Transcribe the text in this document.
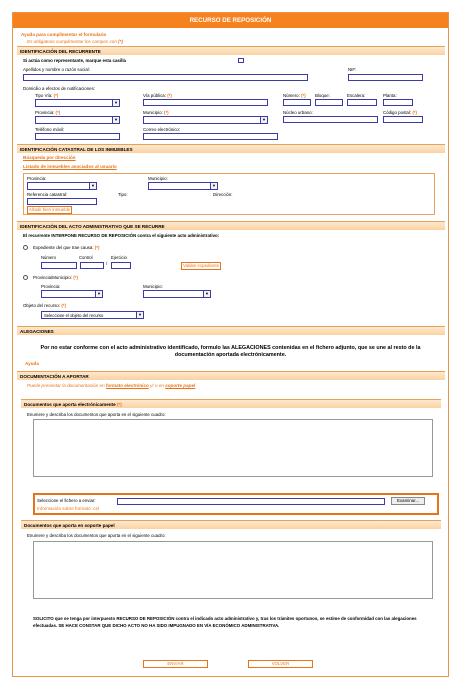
RECURSO DE REPOSICIÓN
Ayuda para cumplimentar el formulario
Es obligatorio cumplimentar los campos con (*)
IDENTIFICACIÓN DEL RECURRENTE
Si actúa como representante, marque esta casilla
Apellidos y nombre o razón social:	NIF:
Domicilio a efectos de notificaciones:
Tipo Vía: (*)
▼
Vía pública: (*)	Número: (*) Bloque:	Escalera:	Planta:
Provincia: (*)
▼
Municipio: (*)
▼
Núcleo urbano:	Código postal: (*)
Teléfono móvil:	Correo electrónico:
IDENTIFICACIÓN CATASTRAL DE LOS INMUEBLES
Búsqueda por dirección
Listado de inmuebles asociados al usuario
Provincia:
▼
Municipio:
▼
Referencia catastral:	Tipo:	Dirección:
Añadir bien inmueble
IDENTIFICACIÓN DEL ACTO ADMINISTRATIVO QUE SE RECURRE
El recurrente INTERPONE RECURSO DE REPOSICIÓN contra el siguiente acto administrativo:
Expediente del que trae causa: (*)
Número	Control	Ejercicio
/	Validar expediente
Provincia/Municipio: (*)
Provincia:
▼
Municipio:
▼
Objeto del recurso: (*)
Seleccione el objeto del recurso	▼
ALEGACIONES
Por no estar conforme con el acto administrativo identificado, formulo las ALEGACIONES contenidas en el fichero adjunto, que se une al resto de la documentación aportada electrónicamente.
Ayuda
DOCUMENTACIÓN A APORTAR
Puede presentar la documentación en formato electrónico y/ o en soporte papel
Documentos que aporta electrónicamente (*)
Enumere y describa los documentos que aporta en el siguiente cuadro:
Seleccione el fichero a enviar:	Examinar...
Información sobre formato .csl
Documentos que aporta en soporte papel
Enumere y describa los documentos que aporta en el siguiente cuadro:
SOLICITO que se tenga por interpuesto RECURSO DE REPOSICIÓN contra el indicado acto administrativo y, tras los trámites oportunos, se estime de conformidad con las alegaciones efectuadas. SE HACE CONSTAR QUE DICHO ACTO NO HA SIDO IMPUGNADO EN VÍA ECONÓMICO ADMINISTRATIVA.
ENVIAR	VOLVER
